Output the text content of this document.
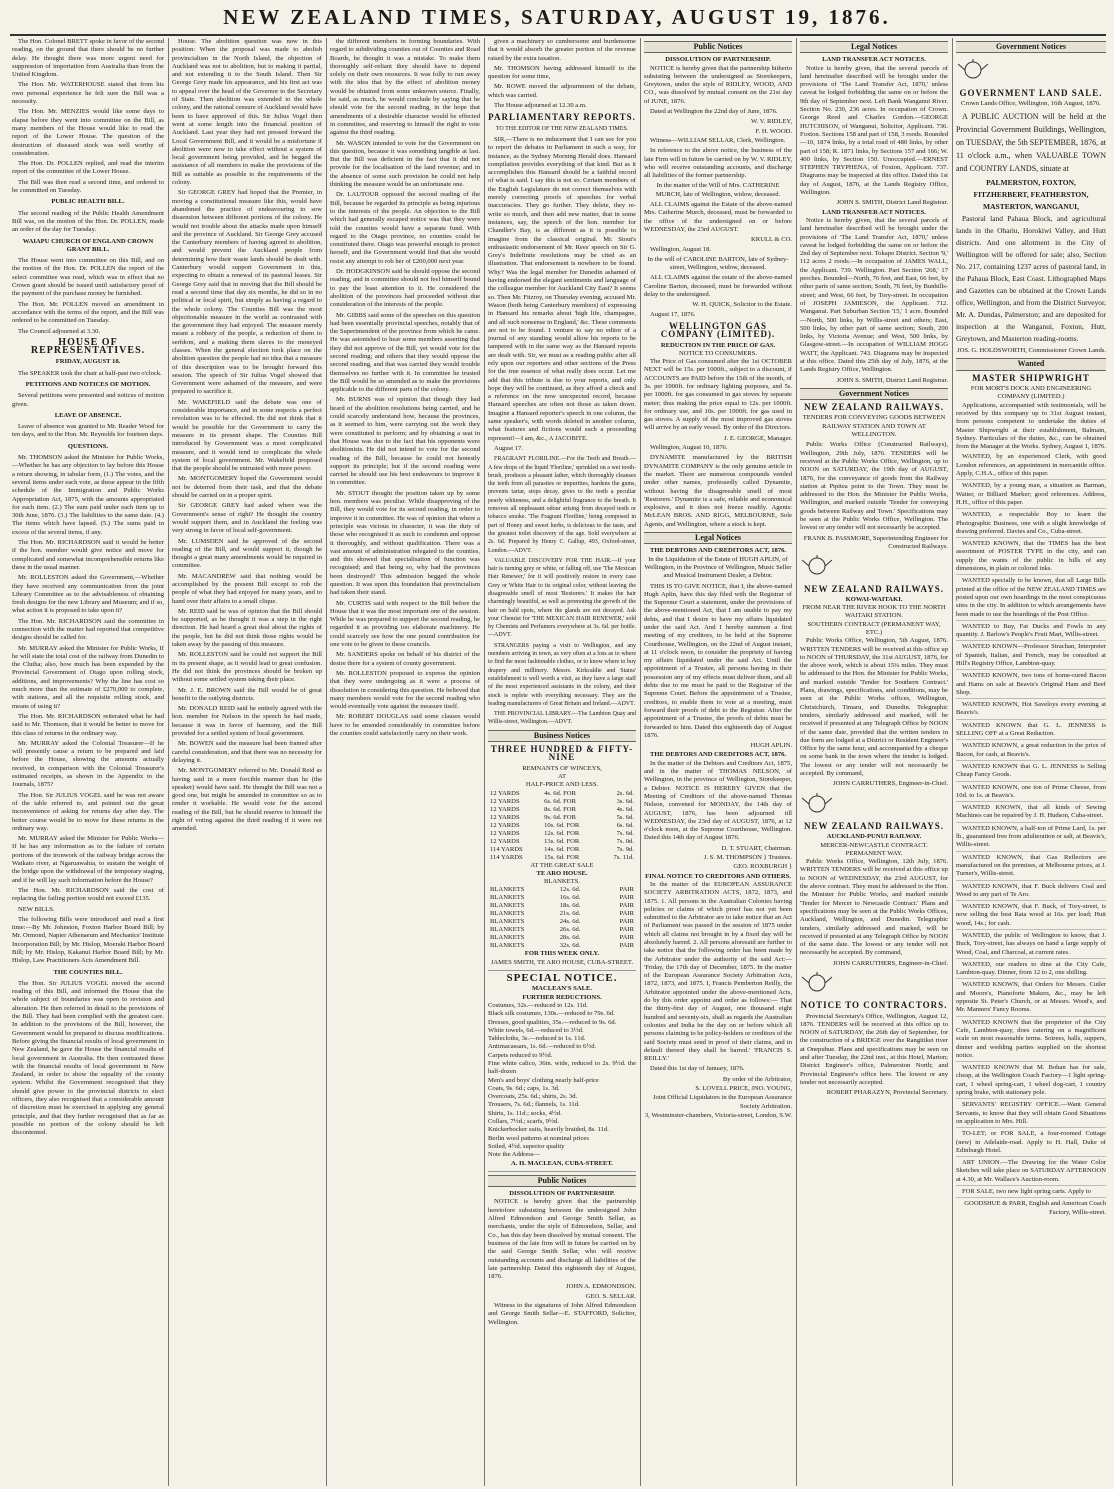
NEW ZEALAND TIMES, SATURDAY, AUGUST 19, 1876.

The Hon. Colonel BRETT spoke in favor of the second reading, on the ground that there should be no further delay. He thought there was more urgent need for suppression of importation from Australia than from the United Kingdom.

The Hon. Mr. WATERHOUSE stated that from his own personal experience he felt sure the Bill was a necessity.

The Hon. Mr. MENZIES would like some days to elapse before they went into committee on the Bill, as many members of the House would like to read the report of the Lower House. The question of the destruction of diseased stock was well worthy of consideration.

The Hon. Dr. POLLEN replied, and read the interim report of the committee of the Lower House.

The Bill was then read a second time, and ordered to be committed on Tuesday.

PUBLIC HEALTH BILL.

The second reading of the Public Health Amendment Bill was, on the motion of the Hon. Dr. POLLEN, made an order of the day for Tuesday.

WAIAPU CHURCH OF ENGLAND CROWN GRANT BILL.

The House went into committee on this Bill, and on the motion of the Hon. Dr. POLLEN the report of the select committee was read, which was in effect that no Crown grant should be issued until satisfactory proof of the payment of the purchase money be furnished.

The Hon. Mr. POLLEN moved an amendment in accordance with the terms of the report, and the Bill was ordered to be committed on Tuesday.

The Council adjourned at 3.30.

HOUSE OF REPRESENTATIVES.

FRIDAY, AUGUST 18.

The SPEAKER took the chair at half-past two o'clock.

PETITIONS AND NOTICES OF MOTION.

Several petitions were presented and notices of motion given.

LEAVE OF ABSENCE.

Leave of absence was granted to Mr. Reader Wood for ten days, and to the Hon. Mr. Reynolds for fourteen days.

QUESTIONS.

Mr. THOMSON asked the Minister for Public Works,—Whether he has any objection to lay before this House a return showing, in tabular form, (1.) The votes, and the several items under each vote, as these appear in the fifth schedule of the Immigration and Public Works Appropriation Act, 1875, with the amounts appropriated for each item. (2.) The sum paid under each item up to 30th June, 1876. (3.) The liabilities to the same date. (4.) The items which have lapsed. (5.) The sums paid in excess of the several items, if any.

The Hon. Mr. RICHARDSON said it would be better if the hon. member would give notice and move for complicated and somewhat incomprehensible returns like these in the usual manner.

Mr. ROLLESTON asked the Government,—Whether they have received any communication from the joint Library Committee as to the advisableness of obtaining fresh designs for the new Library and Museum; and if so, what action it is proposed to take upon it?

The Hon. Mr. RICHARDSON said the committee in connection with the matter had reported that competitive designs should be called for.

Mr. MURRAY asked the Minister for Public Works, If he will state the total cost of the railway from Dunedin to the Clutha; also, how much has been expended by the Provincial Government of Otago upon rolling stock, additions, and improvements? Why the line has cost so much more than the estimate of £270,000 to complete, with stations, and all the requisite rolling stock, and means of using it?

The Hon. Mr. RICHARDSON reiterated what he had said to Mr. Thomson, that it would be better to move for this class of returns in the ordinary way.

Mr. MURRAY asked the Colonial Treasurer—If he will presently cause a return to be prepared and laid before the House, showing the amounts actually received, in comparison with the Colonial Treasurer's estimated receipts, as shown in the Appendix to the Journals, 1875?

The Hon. Sir JULIUS VOGEL said he was not aware of the table referred to, and pointed out the great inconvenience of asking for returns day after day. The better course would be to move for these returns in the ordinary way.

Mr. MURRAY asked the Minister for Public Works—If he has any information as to the failure of certain portions of the ironwork of the railway bridge across the Waikato river, at Ngaruawahia, to sustain the weight of the bridge upon the withdrawal of the temporary staging, and if he will lay such information before the House?

The Hon. Mr. RICHARDSON said the cost of replacing the failing portion would not exceed £135.

NEW BILLS.

The following Bills were introduced and read a first time:—By Mr. Johnston, Foxton Harbor Board Bill; by Mr. Ormond, Napier Athenaeum and Mechanics' Institute Incorporation Bill; by Mr. Hislop, Moeraki Harbor Board Bill; by Mr. Hislop, Kakanui Harbor Board Bill; by Mr. Hislop, Law Practitioners Acts Amendment Bill.

THE COUNTIES BILL.

The Hon. Sir JULIUS VOGEL moved the second reading of this Bill, and informed the House that the whole subject of boundaries was open to revision and alteration. He then referred in detail to the provisions of the Bill. They had been complied with the greatest care. In addition to the provisions of the Bill, however, the Government would be prepared to discuss modifications. Before giving the financial results of local government in New Zealand, he gave the House the financial results of local government in Australia. He then contrasted these with the financial results of local government in New Zealand, in order to show the equality of the county system. Whilst the Government recognised that they should give power to the provincial districts to elect officers, they also recognised that a considerable amount of discretion must be exercised in applying any general principle, and that they further recognised that as far as possible no portion of the colony should be left discontented.

House. The abolition question was now in this position: When the proposal was made to abolish provincialism in the North Island, the objection of Auckland was not to abolition, but to making it partial, and not extending it to the South Island. Then Sir George Grey made his appearance, and his first act was to appeal over the head of the Governor to the Secretary of State. Then abolition was extended to the whole colony, and the rational censure of Auckland would have been to have approved of this. Sir Julius Vogel then went at some length into the financial position of Auckland. Last year they had not pressed forward the Local Government Bill, and it would be a misfortune if abolition were now to take effect without a system of local government being provided, and he begged the assistance of all members to make the provisions of the Bill as suitable as possible to the requirements of the colony.

Sir GEORGE GREY had hoped that the Premier, in moving a constitutional measure like this, would have abandoned the practice of endeavouring to sow dissension between different portions of the colony. He would not trouble about the attacks made upon himself and the province of Auckland. Sir George Grey accused the Canterbury members of having agreed to abolition, and would prevent the Auckland people from determining how their waste lands should be dealt with. Canterbury would support Government in this, expecting to obtain a renewal of its pastoral leases. Sir George Grey said that in moving that the Bill should be read a second time that day six months, he did so in no political or local spirit, but simply as having a regard to the whole colony. The Counties Bill was the most objectionable measure in the world as contrasted with the government they had enjoyed. The measure merely meant a robbery of the people, a reduction of them to serfdom, and a making them slaves to the moneyed classes. When the general election took place on the abolition question the people had no idea that a measure of this description was to be brought forward this session. The speech of Sir Julius Vogel showed that Government were ashamed of the measure, and were prepared to sacrifice it.

Mr. WAKEFIELD said the debate was one of considerable importance, and in some respects a perfect revolution was to be effected. He did not think that it would be possible for the Government to carry the measure in its present shape. The Counties Bill introduced by Government was a most complicated measure, and it would tend to complicate the whole system of local government. Mr. Wakefield proposed that the people should be entrusted with more power.

Mr. MONTGOMERY hoped the Government would not be deterred from their task, and that the debate should be carried on in a proper spirit.

Sir GEORGE GREY had asked where was the Government's sense of right? He thought the country would support them, and in Auckland the feeling was very strong in favor of local self-government.

Mr. LUMSDEN said he approved of the second reading of the Bill, and would support it, though he thought a great many amendments would be required in committee.

Mr. MACANDREW said that nothing would be accomplished by the present Bill except to rob the people of what they had enjoyed for many years, and to hand over their affairs to a small clique.

Mr. REID said he was of opinion that the Bill should be supported, as he thought it was a step in the right direction. He had heard a great deal about the rights of the people, but he did not think those rights would be taken away by the passing of this measure.

Mr. ROLLESTON said he could not support the Bill in its present shape, as it would lead to great confusion. He did not think the provinces should be broken up without some settled system taking their place.

Mr. J. E. BROWN said the Bill would be of great benefit to the outlying districts.

Mr. DONALD REID said he entirely agreed with the hon. member for Nelson in the speech he had made, because it was in favor of harmony, and the Bill provided for a settled system of local government.

Mr. BOWEN said the measure had been framed after careful consideration, and that there was no necessity for delaying it.

Mr. MONTGOMERY referred to Mr. Donald Reid as having said in a more forcible manner than he (the speaker) would have said. He thought the Bill was not a good one, but might be amended in committee so as to render it workable. He would vote for the second reading of the Bill, but he should reserve to himself the right of voting against the third reading if it were not amended.

the different members in forming boundaries. With regard to subdividing counties out of Counties and Road Boards, he thought it was a mistake. To make them thoroughly self-reliant they should have to depend solely on their own resources. It was folly to run away with the idea that by the effect of abolition money would be obtained from some unknown source. Finally, he said, as much, he would conclude by saying that he should vote for the second reading, in the hope that amendments of a desirable character would be effected in committee, and reserving to himself the right to vote against the third reading.

Mr. WASON intended to vote for the Government on this question, because it was something tangible at last. But the Bill was deficient in the fact that it did not provide for the localisation of the land revenue; and in the absence of some such provision he could not help thinking the measure would be an unfortunate one.

Dr. LAUTOUR opposed the second reading of the Bill, because he regarded its principle as being injurious to the interests of the people. An objection to the Bill which had generally escaped notice was that they were told the counties would have a separate fund. With regard to the Otago province, no counties could be constituted there. Otago was powerful enough to protect herself, and the Government would find that she would resist any attempt to rob her of £200,000 next year.

Dr. HODGKINSON said he should oppose the second reading, and in committee should not feel himself bound to pay the least attention to it. He considered the abolition of the provinces had proceeded without due consideration of the interests of the people.

Mr. GIBBS said some of the speeches on this question had been essentially provincial speeches, notably that of the Superintendent of the province from which he came. He was astonished to hear some members asserting that they did not approve of the Bill, yet would vote for the second reading; and others that they would oppose the second reading, and that was carried they would trouble themselves no further with it. In committee he trusted the Bill would be so amended as to make the provisions applicable to the different parts of the colony.

Mr. BURNS was of opinion that though they had heard of the abolition resolutions being carried, and he could scarcely understand how, because the provinces, as it seemed to him, were carrying out the work they were constituted to perform; and by obtaining a seat in that House was due to the fact that his opponents were abolitionists. He did not intend to vote for the second reading of the Bill, because he could not honestly support its principle; but if the second reading were carried he should use his best endeavours to improve it in committee.

Mr. STOUT thought the position taken up by some hon. members was peculiar. While disapproving of the Bill, they would vote for its second reading, in order to improve it in committee. He was of opinion that where a principle was vicious in character, it was the duty of those who recognised it as such to condemn and oppose it thoroughly, and without qualification. There was a vast amount of administration relegated to the counties, and this showed that specialisation of function was recognised; and that being so, why had the provinces been destroyed? This admission begged the whole question. It was upon this foundation that provincialism had taken their stand.

Mr. CURTIS said with respect to the Bill before the House that it was the most important one of the session. While he was prepared to support the second reading, he regarded it as providing too elaborate machinery. He could scarcely see how the one pound contribution for one vote to be given to these councils.

Mr. SANDERS spoke on behalf of his district of the desire there for a system of county government.

Mr. ROLLESTON proposed to express the opinion that they were undergoing as it were a process of dissolution in considering this question. He believed that many members would vote for the second reading who would eventually vote against the measure itself.

Mr. ROBERT DOUGLAS said some clauses would have to be amended considerably in committee before the counties could satisfactorily carry on their work.

given a machinery so cumbersome and burdensome that it would absorb the greater portion of the revenue raised by the extra taxation.

Mr. THOMSON having addressed himself to the question for some time,

Mr. ROWE moved the adjournment of the debate, which was carried.

The House adjourned at 12.30 a.m.

PARLIAMENTARY REPORTS.

TO THE EDITOR OF THE NEW ZEALAND TIMES.

SIR,—There is no inducement that I can see for you to report the debates in Parliament in such a way, for instance, as the Sydney Morning Herald does. Hansard compilation provides everything of that kind. But as it accomplishes this Hansard should be a faithful record of what is said. I say this is not so. Certain members of the English Legislature do not correct themselves with merely correcting proofs of speeches for verbal inaccuracies. They go further. They delete, they re-write so much, and then add new matter, that in some instances, say, the speech of the hon. member for Chandler's Bay, is as different as it is possible to imagine from the classical original. Mr. Stout's enthusiastic endorsement of Mr. Rees' speech on Sir G. Grey's Indefinite resolutions may be cited as an illustration. That endorsement is nowhere to be found. Why? Was the legal member for Dunedin ashamed of having endorsed the elegant sentiments and language of the colleague member for Auckland City East? It seems so. Then Mr. Fitzroy, on Thursday evening, accused Mr. Wason (both being Canterbury members) of expressing in Hansard his remarks about 'high life, champagne, and all such nonsense in England,' &c. These comments are not to be found. I venture to say no editor of a journal of any standing would allow his reports to be tampered with in the same way as the Hansard reports are dealt with. Sir, we must as a reading public after all rely upon our reporters and other sections of the Press for the true essence of what really does occur. Let me add that this tribute is due to your reports, and only hope they will be continued, as they afford a check and a reference on the now unexpected record, because Hansard speeches are often not those as taken down. Imagine a Hansard reporter's speech in one column, the same speaker's, with words deleted in another column, what features and fictions would such a proceeding represent!—I am, &c., A JACOBITE.

August 17.

FRAGRANT FLORILINE.—For the Teeth and Breath.—A few drops of the liquid 'Floriline,' sprinkled on a wet tooth-brush, produces a pleasant lather, which thoroughly cleanses the teeth from all parasites or impurities, hardens the gums, prevents tartar, stops decay, gives to the teeth a peculiar pearly whiteness, and a delightful fragrance to the breath. It removes all unpleasant odour arising from decayed teeth or tobacco smoke. 'The Fragrant Floriline,' being composed in part of Honey and sweet herbs, is delicious to the taste, and the greatest toilet discovery of the age. Sold everywhere at 2s. 6d. Prepared by Henry C. Gallup, 493, Oxford-street, London.—ADVT.

VALUABLE DISCOVERY FOR THE HAIR.—If your hair is turning grey or white, or falling off, use 'The Mexican Hair Renewer,' for it will positively restore in every case Grey or White Hair to its original color, without leaving the disagreeable smell of most 'Restorers.' It makes the hair charmingly beautiful, as well as promoting the growth of the hair on bald spots, where the glands are not decayed. Ask your Chemist for 'THE MEXICAN HAIR RENEWER,' sold by Chemists and Perfumers everywhere at 3s. 6d. per bottle.—ADVT.

STRANGERS paying a visit to Wellington, and any members arriving in town, as very often at a loss as to where to find the most fashionable clothes, or to know where to buy drapery and millinery. Messrs. Kirkcaldie and Stains' establishment is well worth a visit, as they have a large staff of the most experienced assistants in the colony, and their stock is replete with everything necessary. They are the leading manufacturers of Great Britain and Ireland.—ADVT.

THE PROVINCIAL LIBRARY.—The Lambton Quay and Willis-street, Wellington.—ADVT.

Business Notices
THREE HUNDRED & FIFTY-NINE
REMNANTS OF WINCEYS,
AT
HALF-PRICE AND LESS.
12 YARDS	4s. 6d. FOR	2s. 6d.
12 YARDS	6s. 6d. FOR	3s. 6d.
12 YARDS	8s. 6d. FOR	4s. 6d.
12 YARDS	9s. 6d. FOR	5s. 6d.
12 YARDS	10s. 6d. FOR	6s. 6d.
12 YARDS	12s. 6d. FOR	7s. 6d.
12 YARDS	13s. 6d. FOR	7s. 0d.
114 YARDS	14s. 6d. FOR	7s. 9d.
114 YARDS	15s. 6d. FOR	7s. 11d.
AT THE GREAT SALE
TE ARO HOUSE.
BLANKETS.
BLANKETS	12s. 6d.	PAIR
BLANKETS	16s. 6d.	PAIR
BLANKETS	18s. 6d.	PAIR
BLANKETS	21s. 6d.	PAIR
BLANKETS	24s. 6d.	PAIR
BLANKETS	26s. 6d.	PAIR
BLANKETS	28s. 6d.	PAIR
BLANKETS	32s. 6d.	PAIR
FOR THIS WEEK ONLY.
JAMES SMITH, TE ARO HOUSE, CUBA-STREET.
SPECIAL NOTICE.
MACLEAN'S SALE.
FURTHER REDUCTIONS.
Costumes, 32s.—reduced to 12s. 11d.
Black silk costumes, 130s.—reduced to 79s. 6d.
Dresses, good qualities, 35s.—reduced to 9s. 6d.
White towels, 6d.—reduced to 3½d.
Tablecloths, 3s.—reduced to 1s. 11d.
Antimacassars, 1s. 6d.—reduced to 6½d.
Carpets reduced to 9½d.
Fine white calico, 36in. wide, reduced to 2s. 9½d. the half-dozen
Men's and boys' clothing nearly half-price
Coats, 9s. 6d.; caps, 1s. 3d.
Overcoats, 25s. 6d.; shirts, 2s. 3d.
Trousers, 7s. 6d.; flannels, 1s. 11d.
Shirts, 1s. 11d.; socks, 4½d.
Collars, 7½d.; scarfs, 9½d.
Knickerbocker suits, heavily braided, 8s. 11d.
Berlin wool patterns at nominal prices
Soiled, 4½d. superior quality
Note the Address—
A. H. MACLEAN, CUBA-STREET.
Public Notices
DISSOLUTION OF PARTNERSHIP.

NOTICE is hereby given that the partnership heretofore subsisting between the undersigned John Alfred Edmondson and George Smith Sellar, as merchants, under the style of Edmondson, Sellar, and Co., has this day been dissolved by mutual consent. The business of the late firm will in future be carried on by the said George Smith Sellar, who will receive outstanding accounts and discharge all liabilities of the late partnership. Dated this eighteenth day of August, 1876.

JOHN A. EDMONDSON.
GEO. S. SELLAR.

Witness to the signatures of John Alfred Edmondson and George Smith Sellar—E. STAFFORD, Solicitor, Wellington.

Public Notices
DISSOLUTION OF PARTNERSHIP.

NOTICE is hereby given that the partnership hitherto subsisting between the undersigned as Storekeepers, Greytown, under the style of RIDLEY, WOOD, AND CO., was dissolved by mutual consent on the 21st day of JUNE, 1876.

Dated at Wellington the 22nd day of June, 1876.

W. V. RIDLEY,
F. H. WOOD.

Witness—WILLIAM SELLAR, Clerk, Wellington.

In reference to the above notice, the business of the late Firm will in future be carried on by W. V. RIDLEY, who will receive outstanding accounts, and discharge all liabilities of the former partnership.

In the matter of the Will of Mrs. CATHERINE MURCH, late of Wellington, widow, deceased.

ALL CLAIMS against the Estate of the above-named Mrs. Catherine Murch, deceased, must be forwarded to the office of the undersigned on or before WEDNESDAY, the 23rd AUGUST.

KRULL & CO.

Wellington, August 18.

In the will of CAROLINE BARTON, late of Sydney-street, Wellington, widow, deceased.

ALL CLAIMS against the estate of the above-named Caroline Barton, deceased, must be forwarded without delay to the undersigned.

W. H. QUICK, Solicitor to the Estate.

August 17, 1876.

WELLINGTON GAS COMPANY (LIMITED).
REDUCTION IN THE PRICE OF GAS.
NOTICE TO CONSUMERS.

The Price of Gas consumed after the 1st OCTOBER NEXT will be 15s. per 1000ft., subject to a discount, if ACCOUNTS are PAID before the 15th of the month, of 3s. per 1000ft. for ordinary lighting purposes, and 5s. per 1000ft. for gas consumed in gas stoves by separate meter; thus making the price equal to 12s. per 1000ft. for ordinary use, and 10s. per 1000ft. for gas used in gas stoves. A supply of the most improved gas stoves will arrive by an early vessel. By order of the Directors.

J. E. GEORGE, Manager.

Wellington, August 10, 1876.

DYNAMITE manufactured by the BRITISH DYNAMITE COMPANY is the only genuine article in the market. There are numerous compounds vended under other names, professedly called Dynamite, without having the disagreeable smell of most 'Restorers.' Dynamite is a safe, reliable and economical explosive, and it does not freeze readily. Agents: McLEAN BROS. AND RIGG, MELBOURNE, Sole Agents, and Wellington, where a stock is kept.

Legal Notices
THE DEBTORS AND CREDITORS ACT, 1876.

In the Liquidation of the Estate of HUGH APLIN, of Wellington, in the Province of Wellington, Music Seller and Musical Instrument Dealer, a Debtor.

THIS IS TO GIVE NOTICE, that I, the above-named Hugh Aplin, have this day filed with the Registrar of the Supreme Court a statement, under the provisions of the above-mentioned Act, that I am unable to pay my debts, and that I desire to have my affairs liquidated under the said Act. And I hereby summon a first meeting of my creditors, to be held at the Supreme Courthouse, Wellington, on the 22nd of August instant, at 11 o'clock noon, to consider the propriety of having my affairs liquidated under the said Act. Until the appointment of a Trustee, all persons having in their possession any of my effects must deliver them, and all debts due to me must be paid to the Registrar of the Supreme Court. Before the appointment of a Trustee, creditors, to enable them to vote at a meeting, must forward their proofs of debt to the Registrar. After the appointment of a Trustee, the proofs of debts must be forwarded to him. Dated this eighteenth day of August 1876.

HUGH APLIN.
THE DEBTORS AND CREDITORS ACT, 1876.

In the matter of the Debtors and Creditors Act, 1875, and in the matter of THOMAS NELSON, of Wellington, in the province of Wellington, Storekeeper, a Debtor. NOTICE IS HEREBY GIVEN that the Meeting of Creditors of the above-named Thomas Nelson, convened for MONDAY, the 14th day of AUGUST, 1876, has been adjourned till WEDNESDAY, the 23rd day of AUGUST, 1876, at 12 o'clock noon, at the Supreme Courthouse, Wellington. Dated this 14th day of August 1876.

D. T. STUART, Chairman.
J. S. M. THOMPSON } Trustees.
GEO. ROXBURGH }
FINAL NOTICE TO CREDITORS AND OTHERS.

In the matter of the EUROPEAN ASSURANCE SOCIETY ARBITRATION ACTS, 1872, 1873, and 1875. 1. All persons in the Australian Colonies having policies or claims of which proof has not yet been submitted to the Arbitrator are to take notice that an Act of Parliament was passed in the session of 1875 under which all claims not brought in by a fixed day will be absolutely barred. 2. All persons aforesaid are further to take notice that the following order has been made by the Arbitrator under the authority of the said Act:— 'Friday, the 17th day of December, 1875. In the matter of the European Assurance Society Arbitration Acts, 1872, 1873, and 1875. I, Francis Pemberton Reilly, the Arbitrator appointed under the above-mentioned Acts, do by this order appoint and order as follows:— That the thirty-first day of August, one thousand eight hundred and seventy-six, shall as regards the Australian colonies and India be the day on or before which all persons claiming to be policy-holders or creditors of the said Society must send in proof of their claims, and in default thereof they shall be barred.' 'FRANCIS S. REILLY.'

Dated this 1st day of January, 1876.

By order of the Arbitrator,
S. LOVELL PRICE, JNO. YOUNG,
Joint Official Liquidators in the European Assurance Society Arbitration.
3, Westminster-chambers, Victoria-street, London, S.W.
Legal Notices
LAND TRANSFER ACT NOTICES.

Notice is hereby given, that the several parcels of land hereinafter described will be brought under the provisions of 'The Land Transfer Act, 1870,' unless caveat be lodged forbidding the same on or before the 9th day of September next. Left Bank Wanganui River. Section No. 230, 236 acres. In occupation of Crown. George Reed and Charles Gordon.—GEORGE HUTCHISON, of Wanganui, Solicitor, Applicant. 736. Foxton. Sections 158 and part of 158, 3 roods. Rounded—10, 1874 links, by a total road of 480 links, by other part of 158; R. 1871 links, by Sections 157 and 166; W. 400 links, by Section 150. Unoccupied.—ERNEST STEPHEN TRYPHENA, of Foxton, Applicant. 737. Diagrams may be inspected at this office. Dated this 1st day of August, 1876, at the Lands Registry Office, Wellington.

JOHN S. SMITH, District Land Registrar.
LAND TRANSFER ACT NOTICES.

Notice is hereby given, that the several parcels of land hereinafter described will be brought under the provisions of 'The Land Transfer Act, 1870,' unless caveat be lodged forbidding the same on or before the 2nd day of September next. Tokapo District. Section '9,' 112 acres 2 roods.—In occupation of JAMES WALL, the Applicant. 739. Wellington. Part Section '268,' 17 perches. Bounded—North, 76 feet, and East, 66 feet, by other parts of same section; South, 76 feet, by Bunhills-street; and West, 66 feet, by Tory-street. In occupation of JOSEPH JAMIESON, the Applicant. 712. Wanganui. Part Suburban Section '15,' 1 acre. Bounded—North, 500 links, by Willis-street and others; East, 500 links, by other part of same section; South, 200 links, by Victoria Avenue; and West, 500 links, by Glasgow-street.—In occupation of WILLIAM HOGG WATT, the Applicant. 743. Diagrams may be inspected at this office. Dated this 25th day of July, 1876, at the Lands Registry Office, Wellington.

JOHN S. SMITH, District Land Registrar.
Government Notices
NEW ZEALAND RAILWAYS.

TENDERS FOR CONVEYING GOODS BETWEEN RAILWAY STATION AND TOWN AT WELLINGTON.

Public Works Office (Constructed Railways), Wellington, 29th July, 1876. TENDERS will be received at the Public Works Office, Wellington, up to NOON on SATURDAY, the 19th day of AUGUST, 1876, for the conveyance of goods from the Railway station at Pipitea point to the Town. They must be addressed to the Hon. the Minister for Public Works, Wellington, and marked outside 'Tender for conveying goods between Railway and Town.' Specifications may be seen at the Public Works Office, Wellington. The lowest or any tender will not necessarily be accepted.

FRANK B. PASSMORE, Superintending Engineer for Constructed Railways.
NEW ZEALAND RAILWAYS.
KOWAI-WAITAKI.
FROM NEAR THE RIVER HOOK TO THE NORTH WAITAKI STATION.
SOUTHERN CONTRACT (PERMANENT WAY, ETC.)

Public Works Office, Wellington, 5th August, 1876. WRITTEN TENDERS will be received at this office up to NOON of THURSDAY, the 31st AUGUST, 1876, for the above work, which is about 15¼ miles. They must be addressed to the Hon. the Minister for Public Works, and marked outside 'Tender for Southern Contract.' Plans, drawings, specifications, and conditions, may be seen at the Public Works offices, Wellington, Christchurch, Timaru, and Dunedin. Telegraphic tenders, similarly addressed and marked, will be received if presented at any Telegraph Office by NOON of the same date, provided that the written tenders in due form are lodged at a District or Resident Engineer's Office by the same hour, and accompanied by a cheque on some bank in the town where the tender is lodged. The lowest or any tender will not necessarily be accepted. By command,

JOHN CARRUTHERS, Engineer-in-Chief.
NEW ZEALAND RAILWAYS.
AUCKLAND-PUNUI RAILWAY.
MERCER-NEWCASTLE CONTRACT.
PERMANENT WAY.

Public Works Office, Wellington, 12th July, 1876. WRITTEN TENDERS will be received at this office up to NOON of WEDNESDAY, the 23rd AUGUST, for the above contract. They must be addressed to the Hon. the Minister for Public Works, and marked outside 'Tender for Mercer to Newcastle Contract.' Plans and specifications may be seen at the Public Works Offices, Auckland, Wellington, and Dunedin. Telegraphic tenders, similarly addressed and marked, will be received if presented at any Telegraph Office by NOON of the same date. The lowest or any tender will not necessarily be accepted. By command,

JOHN CARRUTHERS, Engineer-in-Chief.
NOTICE TO CONTRACTORS.

Provincial Secretary's Office, Wellington, August 12, 1876. TENDERS will be received at this office up to NOON of SATURDAY, the 26th day of September, for the construction of a BRIDGE over the Rangitikei river at Onepuhue. Plans and specifications may be seen on and after Tuesday, the 22nd inst., at this Hotel, Marton; District Engineer's office, Palmerston North; and Provincial Engineer's office here. The lowest or any tender not necessarily accepted.

ROBERT PHARAZYN, Provincial Secretary.
Government Notices
GOVERNMENT LAND SALE.

Crown Lands Office, Wellington, 16th August, 1876.

A PUBLIC AUCTION will be held at the Provincial Government Buildings, Wellington, on TUESDAY, the 5th SEPTEMBER, 1876, at 11 o'clock a.m., when VALUABLE TOWN and COUNTRY LANDS, situate at

PALMERSTON, FOXTON,
FITZHERBERT, FEATHERSTON,
MASTERTON, WANGANUI,

Pastoral land Pahaua Block, and agricultural lands in the Ohariu, Horokiwi Valley, and Hutt districts. And one allotment in the City of Wellington will be offered for sale; also, Section No. 217, containing 1237 acres of pastoral land, in the Pahaua Block, East Coast. Lithographed Maps and Gazettes can be obtained at the Crown Lands office, Wellington, and from the District Surveyor, Mr. A. Dundas, Palmerston; and are deposited for inspection at the Wanganui, Foxton, Hutt, Greytown, and Masterton reading-rooms.

JOS. G. HOLDSWORTH, Commissioner Crown Lands.
Wanted
MASTER SHIPWRIGHT
FOR MORT'S DOCK AND ENGINEERING COMPANY (LIMITED.)

Applications, accompanied with testimonials, will be received by this company up to 31st August instant, from persons competent to undertake the duties of Master Shipwright at their establishment, Balmain, Sydney. Particulars of the duties, &c., can be obtained from the Manager at the Works. Sydney, August 1, 1876.

WANTED, by an experienced Clerk, with good London references, an appointment in mercantile office. Apply, C.H.A., office of this paper.

WANTED, by a young man, a situation as Barman, Waiter, or Billiard Marker; good references. Address, H.H., office of this paper.

WANTED, a respectable Boy to learn the Photographic Business, one with a slight knowledge of drawing preferred. Davies and Co., Cuba-street.

WANTED KNOWN, that the TIMES has the best assortment of POSTER TYPE in the city, and can supply the wants of the public in bills of any dimensions, in plain or colored inks.

WANTED specially to be known, that all Large Bills printed at the office of the NEW ZEALAND TIMES are posted upon our own hoardings in the most conspicuous sites in the city. In addition to which arrangements have been made to use the hoardings of the Post Office.

WANTED to Buy, Fat Ducks and Fowls in any quantity. J. Barlow's People's Fruit Mart, Willis-street.

WANTED KNOWN—Professor Strachan, Interpreter of Spanish, Italian, and French, may be consulted at Hill's Registry Office, Lambton-quay.

WANTED KNOWN, two tons of home-cured Bacon and Hams on sale at Beavis's Original Ham and Beef Shop.

WANTED KNOWN, Hot Saveloys every evening at Beavis's.

WANTED KNOWN that G. L. JENNESS is SELLING OFF at a Great Reduction.

WANTED KNOWN, a great reduction in the price of Bacon, for cash, at Beavis's.

WANTED KNOWN that G. L. JENNESS is Selling Cheap Fancy Goods.

WANTED KNOWN, one ton of Prime Cheese, from 10d. to 1s. at Beavis's.

WANTED KNOWN, that all kinds of Sewing Machines can be repaired by J. H. Hudson, Cuba-street.

WANTED KNOWN, a half-ton of Prime Lard, 1s. per lb., guaranteed free from adulteration or salt, at Beavis's, Willis-street.

WANTED KNOWN, that Gas Reflectors are manufactured on the premises, at Melbourne prices, at J. Turner's, Willis-street.

WANTED KNOWN, that F. Buck delivers Coal and Wood to any part of Te Aro.

WANTED KNOWN, that F. Buck, of Tory-street, is now selling the best Rata wood at 16s. per load; Hutt wood, 14s.; for cash.

WANTED, the public of Wellington to know, that J. Buck, Tory-street, has always on hand a large supply of Wood, Coal, and Charcoal, at current rates.

WANTED, our readers to dine at the City Cafe, Lambton-quay. Dinner, from 12 to 2, one shilling.

WANTED KNOWN, that Orders for Messrs. Cutler and Moore's, Pianoforte Makers, &c., may be left opposite St. Peter's Church, or at Messrs. Wood's, and Mr. Manners' Fancy Rooms.

WANTED KNOWN that the proprietor of the City Cafe, Lambton-quay, does catering on a magnificent scale on most reasonable terms. Soirees, balls, suppers, dinner and wedding parties supplied on the shortest notice.

WANTED KNOWN that M. Bohan has for sale, cheap, at the Wellington Coach Factory—1 light spring-cart, 1 wheel spring-cart, 1 wheel dog-cart, 1 country spring brake, with stationary pole.

SERVANTS' REGISTRY OFFICE.—Want General Servants, to know that they will obtain Good Situations on application to Mrs. Hill.

TO-LET; or FOR SALE, a four-roomed Cottage (new) in Adelaide-road. Apply to H. Hall, Duke of Edinburgh Hotel.

ART UNION.—The Drawing for the Water Color Sketches will take place on SATURDAY AFTERNOON at 4.30, at Mr. Wallace's Auction-room.

FOR SALE, two new light spring carts. Apply to

GOODSHUE & PARR, English and American Coach Factory, Willis-street.
